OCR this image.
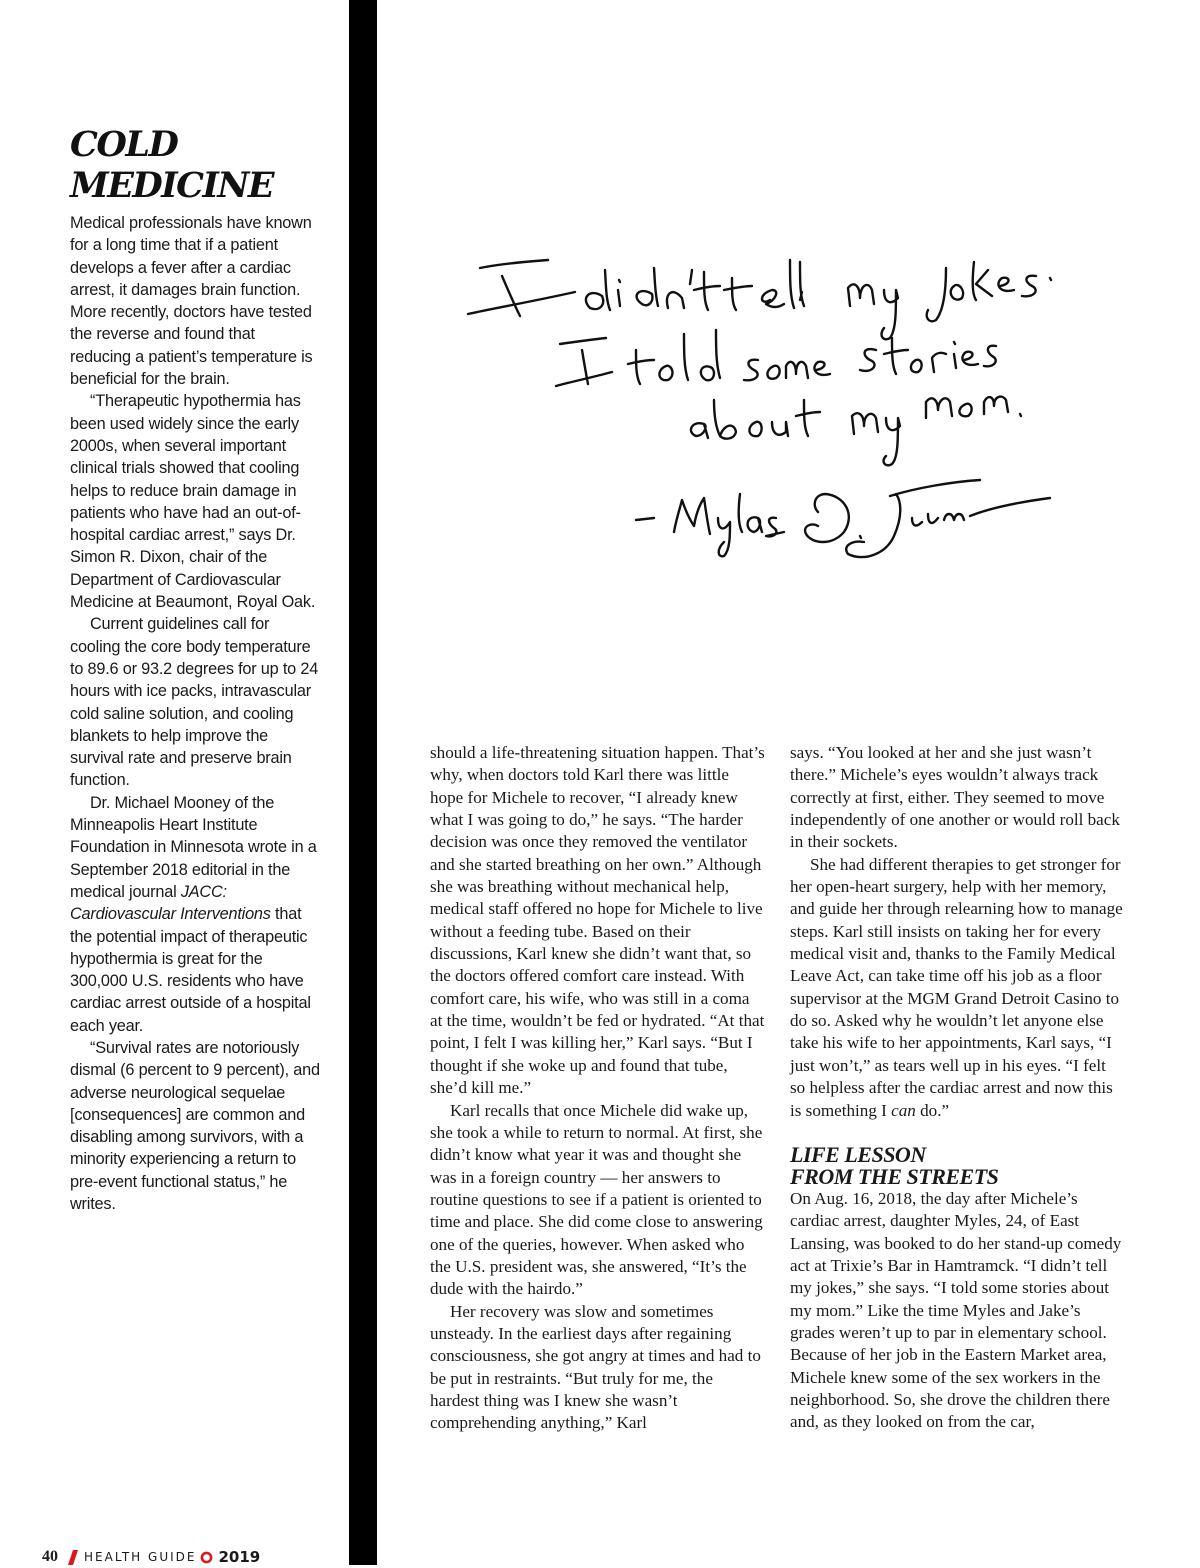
COLD
MEDICINE

Medical professionals have known for a long time that if a patient develops a fever after a cardiac arrest, it damages brain function. More recently, doctors have tested the reverse and found that reducing a patient’s temperature is beneficial for the brain.

“Therapeutic hypothermia has been used widely since the early 2000s, when several important clinical trials showed that cooling helps to reduce brain damage in patients who have had an out-of-hospital cardiac arrest,” says Dr. Simon R. Dixon, chair of the Department of Cardiovascular Medicine at Beaumont, Royal Oak.

Current guidelines call for cooling the core body temperature to 89.6 or 93.2 degrees for up to 24 hours with ice packs, intravascular cold saline solution, and cooling blankets to help improve the survival rate and preserve brain function.

Dr. Michael Mooney of the Minneapolis Heart Institute Foundation in Minnesota wrote in a September 2018 editorial in the medical journal JACC: Cardiovascular Interventions that the potential impact of therapeutic hypothermia is great for the 300,000 U.S. residents who have cardiac arrest outside of a hospital each year.

“Survival rates are notoriously dismal (6 percent to 9 percent), and adverse neurological sequelae [consequences] are common and disabling among survivors, with a minority experiencing a return to pre-event functional status,” he writes.

should a life-threatening situation happen. That’s why, when doctors told Karl there was little hope for Michele to recover, “I already knew what I was going to do,” he says. “The harder decision was once they removed the ventilator and she started breathing on her own.” Although she was breathing without mechanical help, medical staff offered no hope for Michele to live without a feeding tube. Based on their discussions, Karl knew she didn’t want that, so the doctors offered comfort care instead. With comfort care, his wife, who was still in a coma at the time, wouldn’t be fed or hydrated. “At that point, I felt I was killing her,” Karl says. “But I thought if she woke up and found that tube, she’d kill me.”

Karl recalls that once Michele did wake up, she took a while to return to normal. At first, she didn’t know what year it was and thought she was in a foreign country — her answers to routine questions to see if a patient is oriented to time and place. She did come close to answering one of the queries, however. When asked who the U.S. president was, she answered, “It’s the dude with the hairdo.”

Her recovery was slow and sometimes unsteady. In the earliest days after regaining consciousness, she got angry at times and had to be put in restraints. “But truly for me, the hardest thing was I knew she wasn’t comprehending anything,” Karl

says. “You looked at her and she just wasn’t there.” Michele’s eyes wouldn’t always track correctly at first, either. They seemed to move independently of one another or would roll back in their sockets.

She had different therapies to get stronger for her open-heart surgery, help with her memory, and guide her through relearning how to manage steps. Karl still insists on taking her for every medical visit and, thanks to the Family Medical Leave Act, can take time off his job as a floor supervisor at the MGM Grand Detroit Casino to do so. Asked why he wouldn’t let anyone else take his wife to her appointments, Karl says, “I just won’t,” as tears well up in his eyes. “I felt so helpless after the cardiac arrest and now this is something I can do.”

LIFE LESSON
FROM THE STREETS

On Aug. 16, 2018, the day after Michele’s cardiac arrest, daughter Myles, 24, of East Lansing, was booked to do her stand-up comedy act at Trixie’s Bar in Hamtramck. “I didn’t tell my jokes,” she says. “I told some stories about my mom.” Like the time Myles and Jake’s grades weren’t up to par in elementary school. Because of her job in the Eastern Market area, Michele knew some of the sex workers in the neighborhood. So, she drove the children there and, as they looked on from the car,

40 HEALTH GUIDE 2019
